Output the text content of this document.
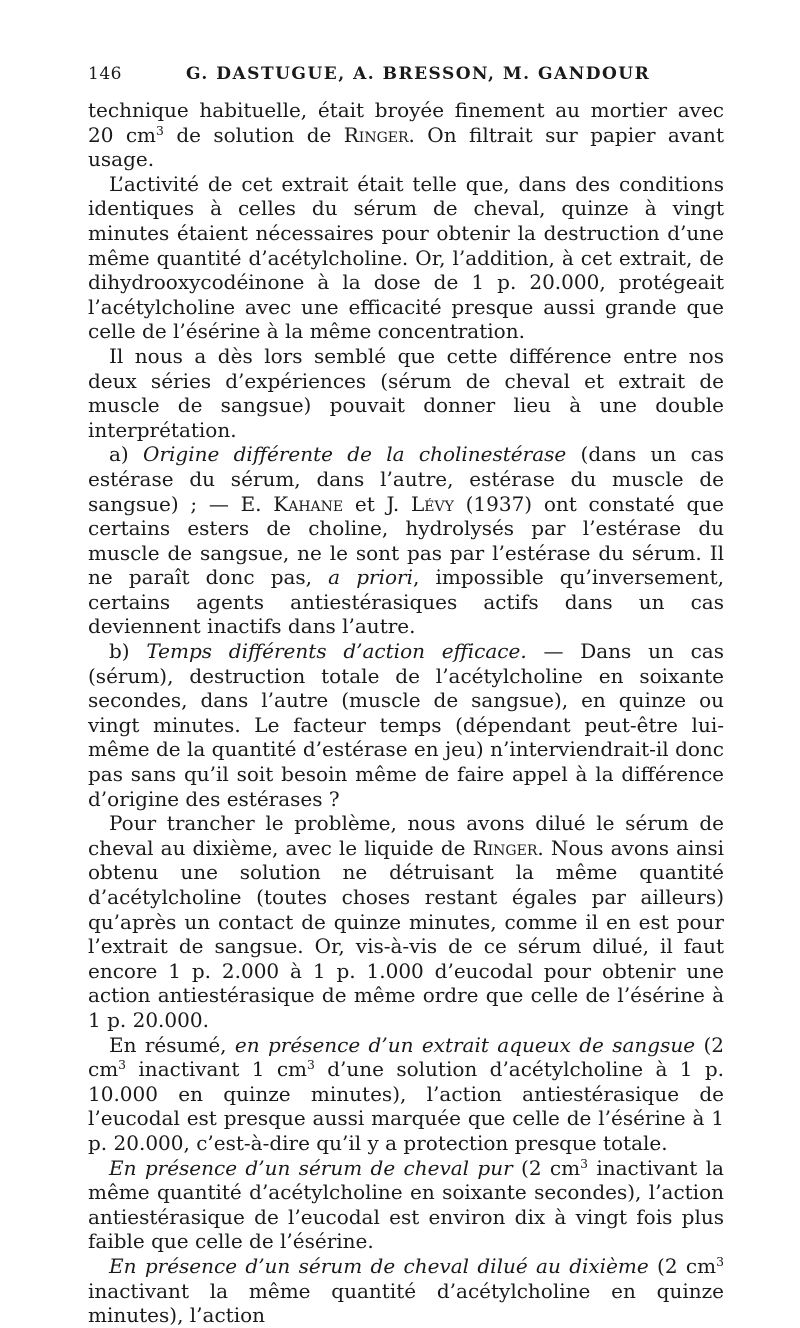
146	G. DASTUGUE, A. BRESSON, M. GANDOUR

technique habituelle, était broyée finement au mortier avec 20 $cm^3$ de solution de Ringer. On filtrait sur papier avant usage.

L’activité de cet extrait était telle que, dans des conditions identiques à celles du sérum de cheval, quinze à vingt minutes étaient nécessaires pour obtenir la destruction d’une même quantité d’acétylcholine. Or, l’addition, à cet extrait, de dihydrooxycodéinone à la dose de 1 p. 20.000, protégeait l’acétylcholine avec une efficacité presque aussi grande que celle de l’ésérine à la même concentration.

Il nous a dès lors semblé que cette différence entre nos deux séries d’expériences (sérum de cheval et extrait de muscle de sangsue) pouvait donner lieu à une double interprétation.

a) Origine différente de la cholinestérase (dans un cas estérase du sérum, dans l’autre, estérase du muscle de sangsue) ; — E. Kahane et J. Lévy (1937) ont constaté que certains esters de choline, hydrolysés par l’estérase du muscle de sangsue, ne le sont pas par l’estérase du sérum. Il ne paraît donc pas, a priori, impossible qu’inversement, certains agents antiestérasiques actifs dans un cas deviennent inactifs dans l’autre.

b) Temps différents d’action efficace. — Dans un cas (sérum), destruction totale de l’acétylcholine en soixante secondes, dans l’autre (muscle de sangsue), en quinze ou vingt minutes. Le facteur temps (dépendant peut-être lui-même de la quantité d’estérase en jeu) n’interviendrait-il donc pas sans qu’il soit besoin même de faire appel à la différence d’origine des estérases ?

Pour trancher le problème, nous avons dilué le sérum de cheval au dixième, avec le liquide de Ringer. Nous avons ainsi obtenu une solution ne détruisant la même quantité d’acétylcholine (toutes choses restant égales par ailleurs) qu’après un contact de quinze minutes, comme il en est pour l’extrait de sangsue. Or, vis-à-vis de ce sérum dilué, il faut encore 1 p. 2.000 à 1 p. 1.000 d’eucodal pour obtenir une action antiestérasique de même ordre que celle de l’ésérine à 1 p. 20.000.

En résumé, en présence d’un extrait aqueux de sangsue (2 $cm^3$ inactivant 1 $cm^3$ d’une solution d’acétylcholine à 1 p. 10.000 en quinze minutes), l’action antiestérasique de l’eucodal est presque aussi marquée que celle de l’ésérine à 1 p. 20.000, c’est-à-dire qu’il y a protection presque totale.

En présence d’un sérum de cheval pur (2 $cm^3$ inactivant la même quantité d’acétylcholine en soixante secondes), l’action antiestérasique de l’eucodal est environ dix à vingt fois plus faible que celle de l’ésérine.

En présence d’un sérum de cheval dilué au dixième (2 $cm^3$ inactivant la même quantité d’acétylcholine en quinze minutes), l’action
